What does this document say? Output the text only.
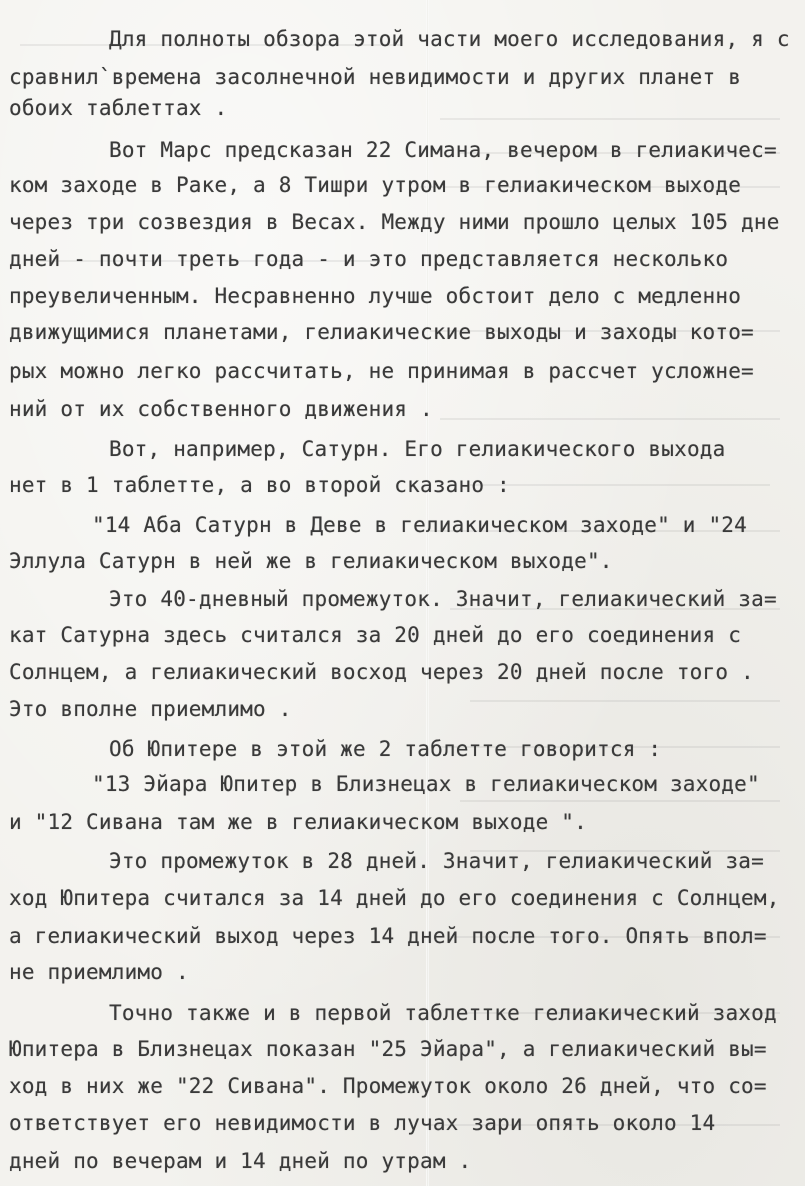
Для полноты обзора этой части моего исследования, я с
сравнил`времена засолнечной невидимости и других планет в
обоих таблеттах .
Вот Марс предсказан 22 Симана, вечером в гелиакичес=
ком заходе в Раке, а 8 Тишри утром в гелиакическом выходе
через три созвездия в Весах. Между ними прошло целых 105 дне
дней - почти треть года - и это представляется несколько
преувеличенным. Несравненно лучше обстоит дело с медленно
движущимися планетами, гелиакические выходы и заходы кото=
рых можно легко рассчитать, не принимая в рассчет усложне=
ний от их собственного движения .
Вот, например, Сатурн. Его гелиакического выхода
нет в 1 таблетте, а во второй сказано :
"14 Аба Сатурн в Деве в гелиакическом заходе" и "24
Эллула Сатурн в ней же в гелиакическом выходе".
Это 40-дневный промежуток. Значит, гелиакический за=
кат Сатурна здесь считался за 20 дней до его соединения с
Солнцем, а гелиакический восход через 20 дней после того .
Это вполне приемлимо .
Об Юпитере в этой же 2 таблетте говорится :
"13 Эйара Юпитер в Близнецах в гелиакическом заходе"
и "12 Сивана там же в гелиакическом выходе ".
Это промежуток в 28 дней. Значит, гелиакический за=
ход Юпитера считался за 14 дней до его соединения с Солнцем,
а гелиакический выход через 14 дней после того. Опять впол=
не приемлимо .
Точно также и в первой таблеттке гелиакический заход
Юпитера в Близнецах показан "25 Эйара", а гелиакический вы=
ход в них же "22 Сивана". Промежуток около 26 дней, что со=
ответствует его невидимости в лучах зари опять около 14
дней по вечерам и 14 дней по утрам .
